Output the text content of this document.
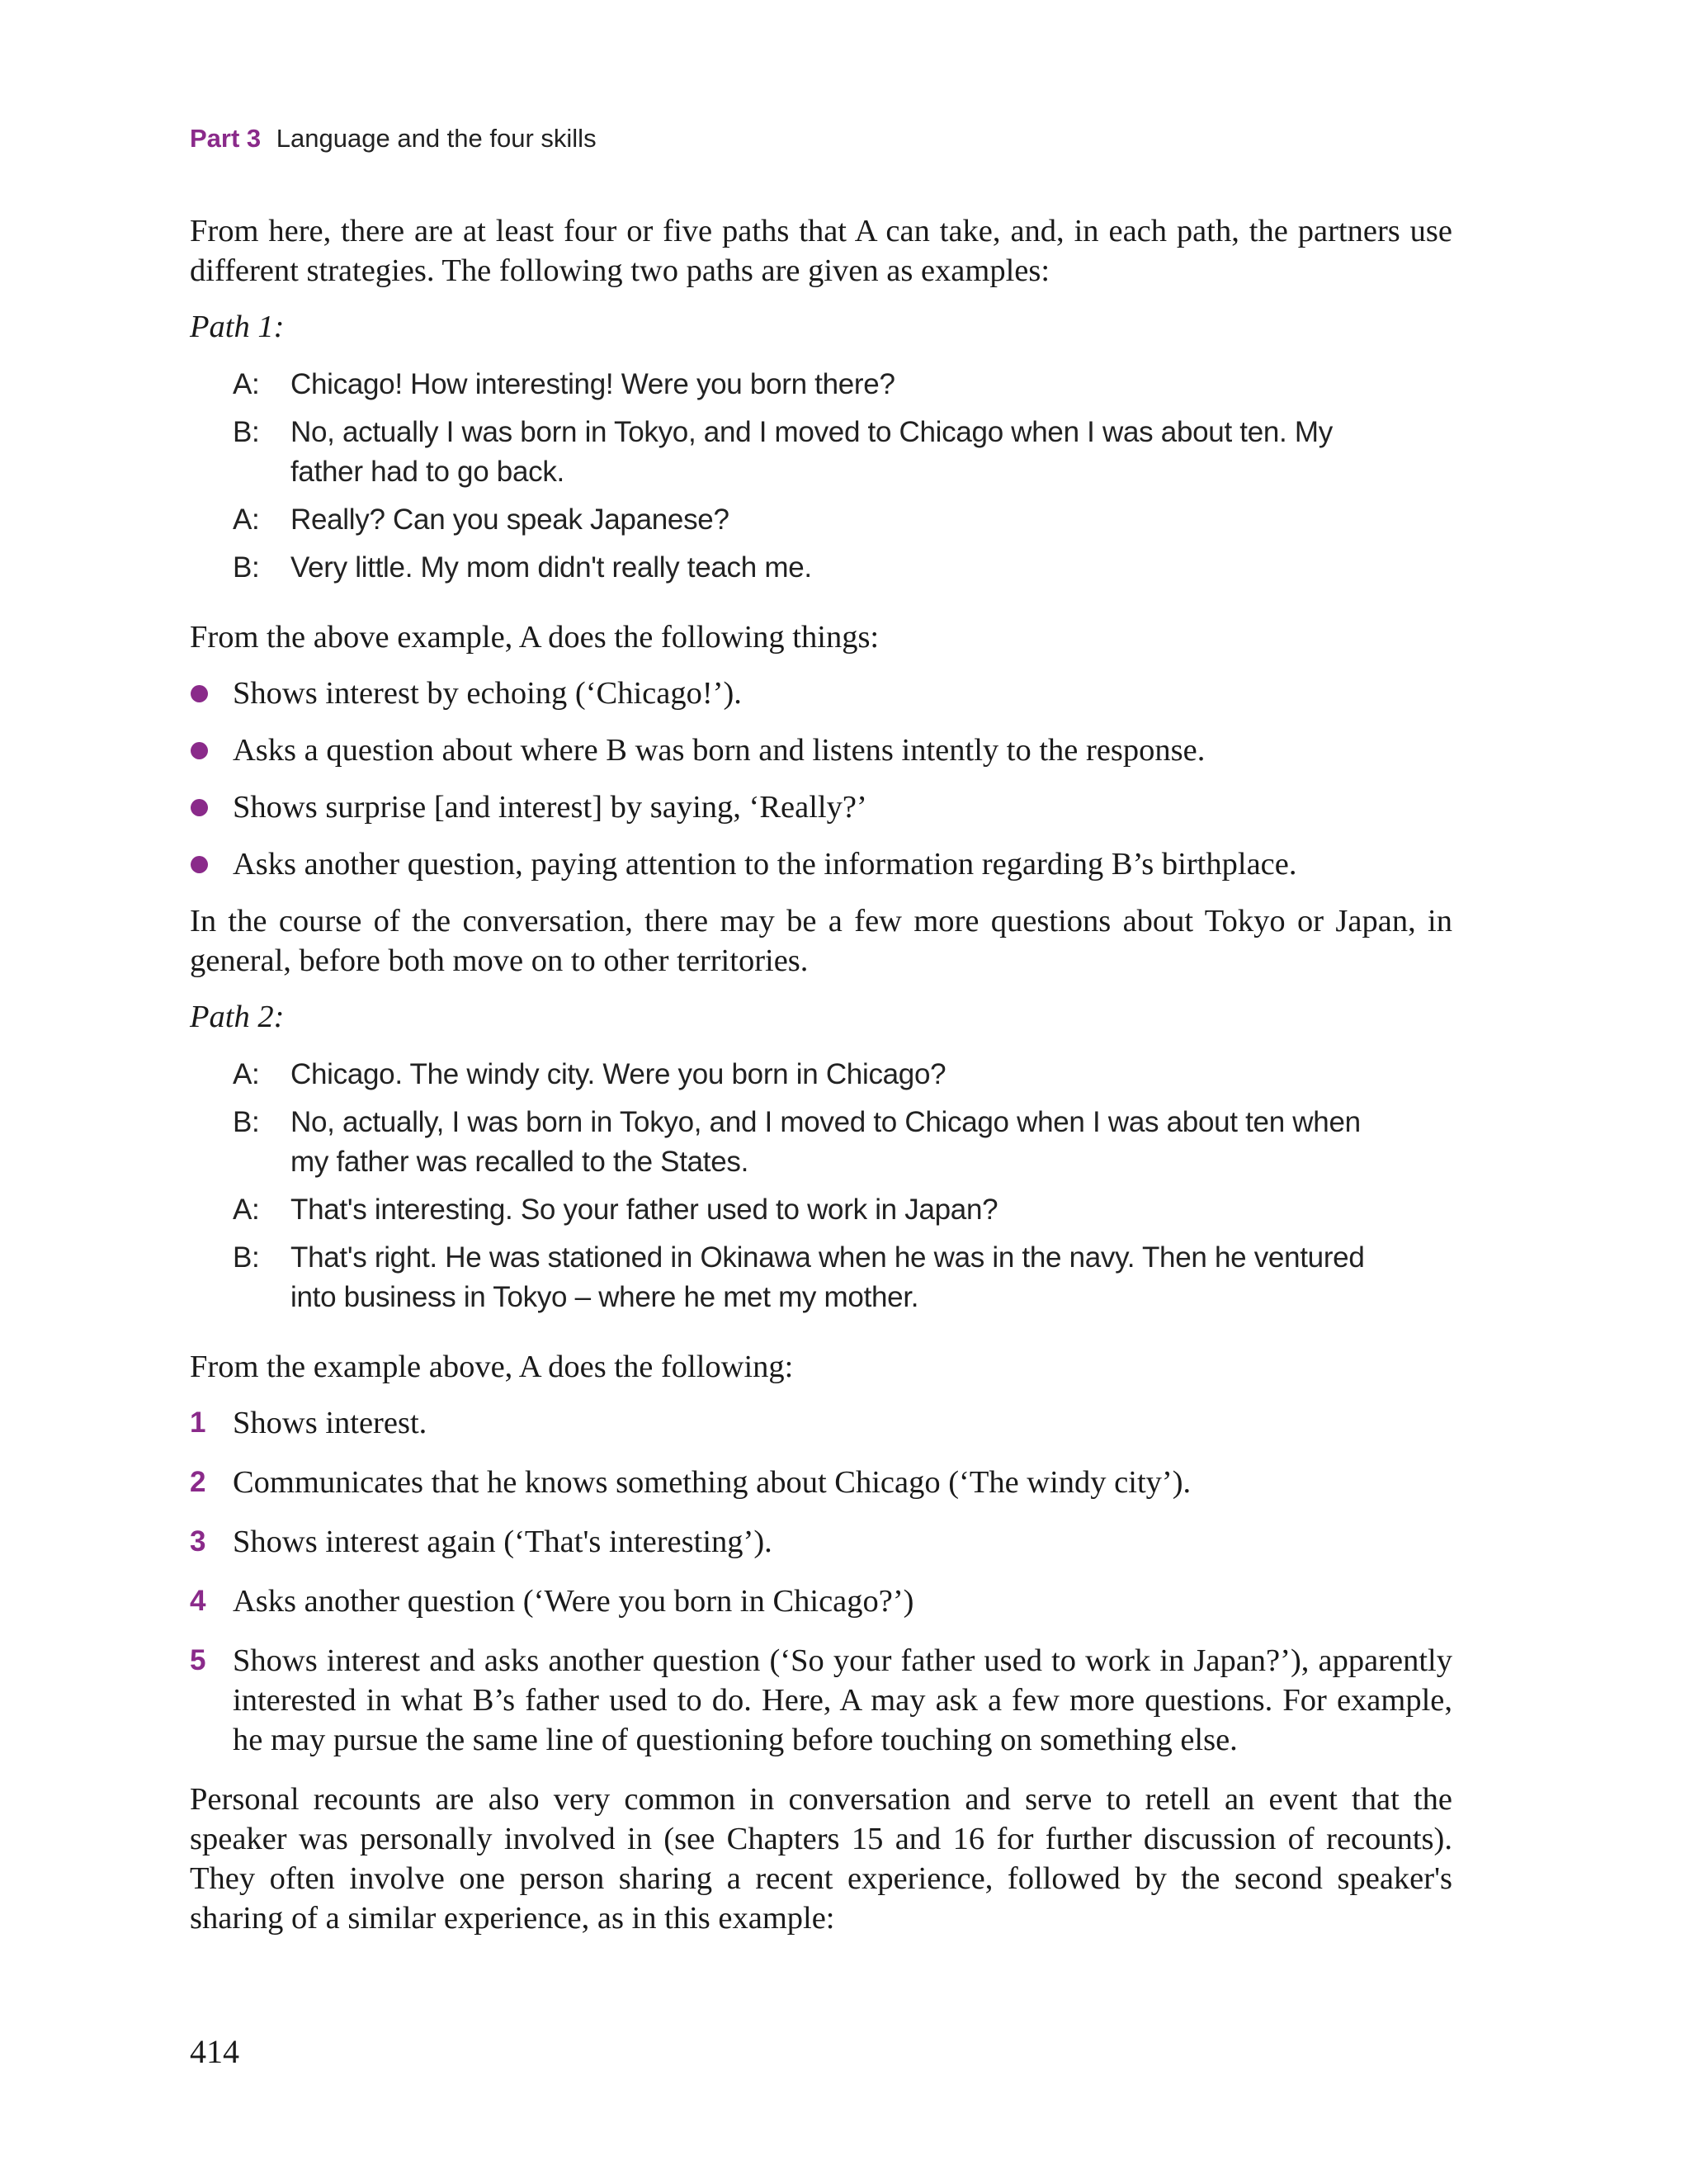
Part 3 Language and the four skills

From here, there are at least four or five paths that A can take, and, in each path, the partners use different strategies. The following two paths are given as examples:

Path 1:
A:	Chicago! How interesting! Were you born there?
B:	No, actually I was born in Tokyo, and I moved to Chicago when I was about ten. My father had to go back.
A:	Really? Can you speak Japanese?
B:	Very little. My mom didn't really teach me.

From the above example, A does the following things:

Shows interest by echoing (‘Chicago!’).
Asks a question about where B was born and listens intently to the response.
Shows surprise [and interest] by saying, ‘Really?’
Asks another question, paying attention to the information regarding B’s birthplace.

In the course of the conversation, there may be a few more questions about Tokyo or Japan, in general, before both move on to other territories.

Path 2:
A:	Chicago. The windy city. Were you born in Chicago?
B:	No, actually, I was born in Tokyo, and I moved to Chicago when I was about ten when my father was recalled to the States.
A:	That's interesting. So your father used to work in Japan?
B:	That's right. He was stationed in Okinawa when he was in the navy. Then he ventured into business in Tokyo – where he met my mother.

From the example above, A does the following:

1 Shows interest.
2 Communicates that he knows something about Chicago (‘The windy city’).
3 Shows interest again (‘That's interesting’).
4 Asks another question (‘Were you born in Chicago?’)
5 Shows interest and asks another question (‘So your father used to work in Japan?’), apparently interested in what B’s father used to do. Here, A may ask a few more questions. For example, he may pursue the same line of questioning before touching on something else.

Personal recounts are also very common in conversation and serve to retell an event that the speaker was personally involved in (see Chapters 15 and 16 for further discussion of recounts). They often involve one person sharing a recent experience, followed by the second speaker's sharing of a similar experience, as in this example:

414
